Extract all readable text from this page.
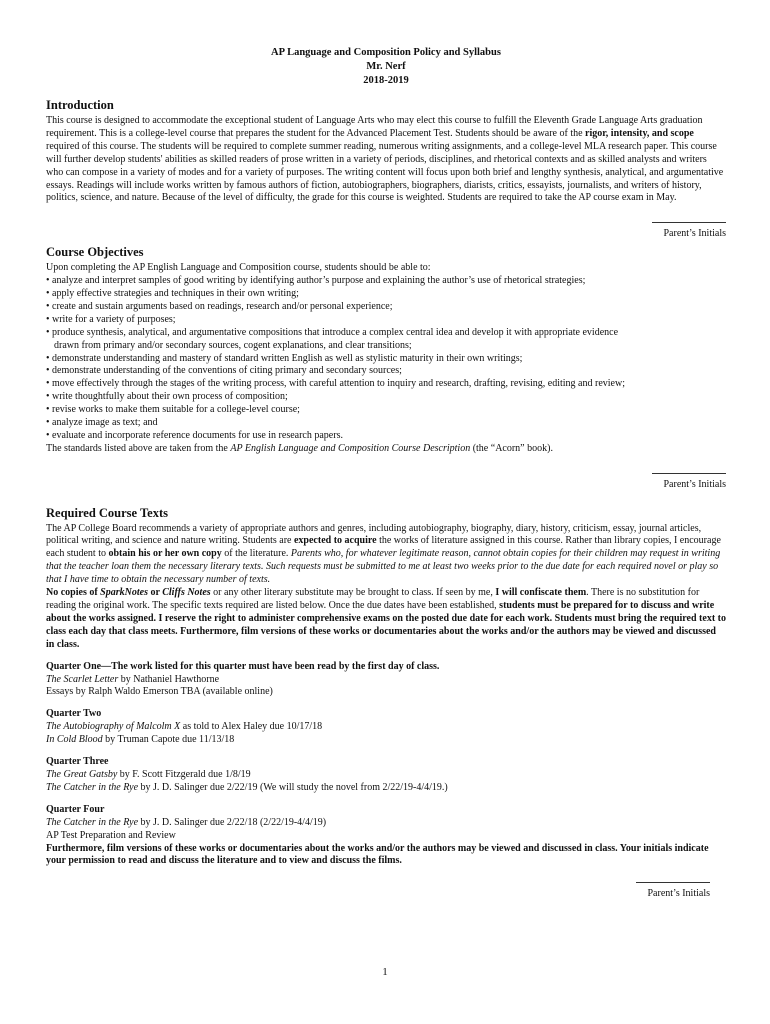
AP Language and Composition Policy and Syllabus
Mr. Nerf
2018-2019
Introduction

This course is designed to accommodate the exceptional student of Language Arts who may elect this course to fulfill the Eleventh Grade Language Arts graduation requirement. This is a college-level course that prepares the student for the Advanced Placement Test. Students should be aware of the rigor, intensity, and scope required of this course. The students will be required to complete summer reading, numerous writing assignments, and a college-level MLA research paper. This course will further develop students' abilities as skilled readers of prose written in a variety of periods, disciplines, and rhetorical contexts and as skilled analysts and writers who can compose in a variety of modes and for a variety of purposes. The writing content will focus upon both brief and lengthy synthesis, analytical, and argumentative essays. Readings will include works written by famous authors of fiction, autobiographers, biographers, diarists, critics, essayists, journalists, and writers of history, politics, science, and nature. Because of the level of difficulty, the grade for this course is weighted. Students are required to take the AP course exam in May.

Parent’s Initials
Course Objectives

Upon completing the AP English Language and Composition course, students should be able to:

• analyze and interpret samples of good writing by identifying author’s purpose and explaining the author’s use of rhetorical strategies;
• apply effective strategies and techniques in their own writing;
• create and sustain arguments based on readings, research and/or personal experience;
• write for a variety of purposes;
• produce synthesis, analytical, and argumentative compositions that introduce a complex central idea and develop it with appropriate evidence
drawn from primary and/or secondary sources, cogent explanations, and clear transitions;
• demonstrate understanding and mastery of standard written English as well as stylistic maturity in their own writings;
• demonstrate understanding of the conventions of citing primary and secondary sources;
• move effectively through the stages of the writing process, with careful attention to inquiry and research, drafting, revising, editing and review;
• write thoughtfully about their own process of composition;
• revise works to make them suitable for a college-level course;
• analyze image as text; and
• evaluate and incorporate reference documents for use in research papers.

The standards listed above are taken from the AP English Language and Composition Course Description (the “Acorn” book).

Parent’s Initials
Required Course Texts

The AP College Board recommends a variety of appropriate authors and genres, including autobiography, biography, diary, history, criticism, essay, journal articles, political writing, and science and nature writing. Students are expected to acquire the works of literature assigned in this course. Rather than library copies, I encourage each student to obtain his or her own copy of the literature. Parents who, for whatever legitimate reason, cannot obtain copies for their children may request in writing that the teacher loan them the necessary literary texts. Such requests must be submitted to me at least two weeks prior to the due date for each required novel or play so that I have time to obtain the necessary number of texts.
No copies of SparkNotes or Cliffs Notes or any other literary substitute may be brought to class. If seen by me, I will confiscate them. There is no substitution for reading the original work. The specific texts required are listed below. Once the due dates have been established, students must be prepared for to discuss and write about the works assigned. I reserve the right to administer comprehensive exams on the posted due date for each work. Students must bring the required text to class each day that class meets. Furthermore, film versions of these works or documentaries about the works and/or the authors may be viewed and discussed in class.

Quarter One—The work listed for this quarter must have been read by the first day of class.
The Scarlet Letter by Nathaniel Hawthorne
Essays by Ralph Waldo Emerson TBA (available online)
Quarter Two
The Autobiography of Malcolm X as told to Alex Haley due 10/17/18
In Cold Blood by Truman Capote due 11/13/18
Quarter Three
The Great Gatsby by F. Scott Fitzgerald due 1/8/19
The Catcher in the Rye by J. D. Salinger due 2/22/19 (We will study the novel from 2/22/19-4/4/19.)
Quarter Four
The Catcher in the Rye by J. D. Salinger due 2/22/18 (2/22/19-4/4/19)
AP Test Preparation and Review
Furthermore, film versions of these works or documentaries about the works and/or the authors may be viewed and discussed in class. Your initials indicate your permission to read and discuss the literature and to view and discuss the films.
Parent’s Initials
1
